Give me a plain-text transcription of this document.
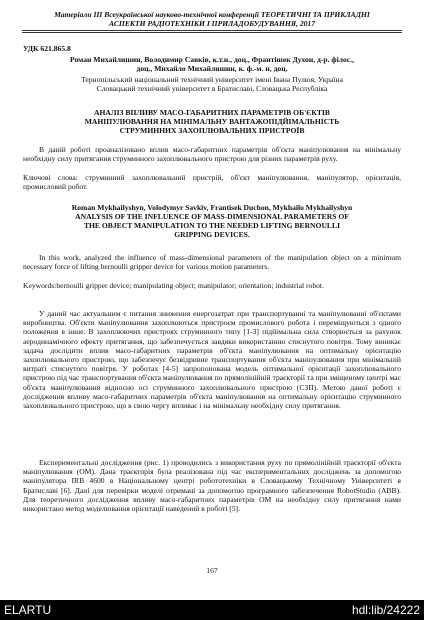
Матеріали ІІІ Всеукраїнської науково-технічної конференції ТЕОРЕТИЧНІ ТА ПРИКЛАДНІ
АСПЕКТИ РАДІОТЕХНІКИ І ПРИЛАДОБУДУВАННЯ, 2017
УДК 621.865.8
Роман Михайлишин, Володимир Савків, к.т.н., доц., Франтішек Духон, д-р. філос.,
доц., Михайло Михайлишин, к. ф.-м. н, доц.
Тернопільський національний технічний університет імені Івана Пулюя, Україна
Словацький технічний університет в Братиславі, Словацька Республіка
АНАЛІЗ ВПЛИВУ МАСО-ГАБАРИТНИХ ПАРАМЕТРІВ ОБ'ЄКТІВ
МАНІПУЛЮВАННЯ НА МІНІМАЛЬНУ ВАНТАЖОПІДЙІМАЛЬНІСТЬ
СТРУМИННИХ ЗАХОПЛЮВАЛЬНИХ ПРИСТРОЇВ
В даній роботі проаналізовано вплив масо-габаритних параметрів об'єкта маніпулювання на мінімальну необхідну силу притягання струминного захоплювального пристрою для різних параметрів руху.
Ключові слова: струминний захоплювальний пристрій, об'єкт маніпулювання, маніпулятор, орієнтація, промисловий робот.
Roman Mykhailyshyn, Volodymyr Savkiv, Frantisek Duchon, Mykhailo Mykhailyshyn
ANALYSIS OF THE INFLUENCE OF MASS-DIMENSIONAL PARAMETERS OF
THE OBJECT MANIPULATION TO THE NEEDED LIFTING BERNOULLI
GRIPPING DEVICES.
In this work, analyzed the influence of mass-dimensional parameters of the manipulation object on a minimum necessary force of lifting bernoulli gripper device for various motion parameters.
Keywords:bernoulli gripper device; manipulating object; manipulator; orientation; industrial robot.
У даний час актуальним є питання зниження енергозатрат при транспортуванні та маніпулюванні об'єктами виробництва. Об'єкти маніпулювання захоплюються пристроєм промислового робота і переміщуються з одного положення в інше. В захоплюючих пристроях струминного типу [1-3] підйімальна сила створюється за рахунок аеродинамічного ефекту притягання, що забезпечується завдяки використанню стиснутого повітря. Тому виникає задача дослідити вплив масо-габаритних параметрів об'єкта маніпулювання на оптимальну орієнтацію захоплювального пристрою, що забезпечує безвідривне транспортування об'єкта маніпулювання при мінімальній витраті стиснутого повітря. У роботах [4-5] запропонована модель оптимальної орієнтації захоплювального пристрою під час транспортування об'єкта маніпулювання по прямолінійній траєкторії та при зміщеному центрі мас об'єкта маніпулювання відносно осі струминного захоплювального пристрою (СЗП). Метою даної роботі є дослідження впливу масо-габаритних параметрів об'єкта маніпулювання на оптимальну орієнтацію струминного захоплювального пристрою, що в свою чергу впливає і на мінімальну необхідну силу притягання.
Експериментальні дослідження (рис. 1) проводились з використання руху по прямолінійній траєкторії об'єкта маніпулювання (ОМ). Дана траєкторія була реалізована під час експериментальних досліджень за допомогою маніпулятора IRB 4600 в Національному центрі робототехніки в Словацькому Технічному Університеті в Братиславі [6]. Дані для перевірки моделі отримані за допомогою програмного забезпечення RobotStudio (ABB). Для теоретичного дослідження впливу масо-габаритних параметрів ОМ на необхідну силу притягання нами використано метод моделювання орієнтації наведений в роботі [5].
167
ELARTU	hdl:lib/24222
